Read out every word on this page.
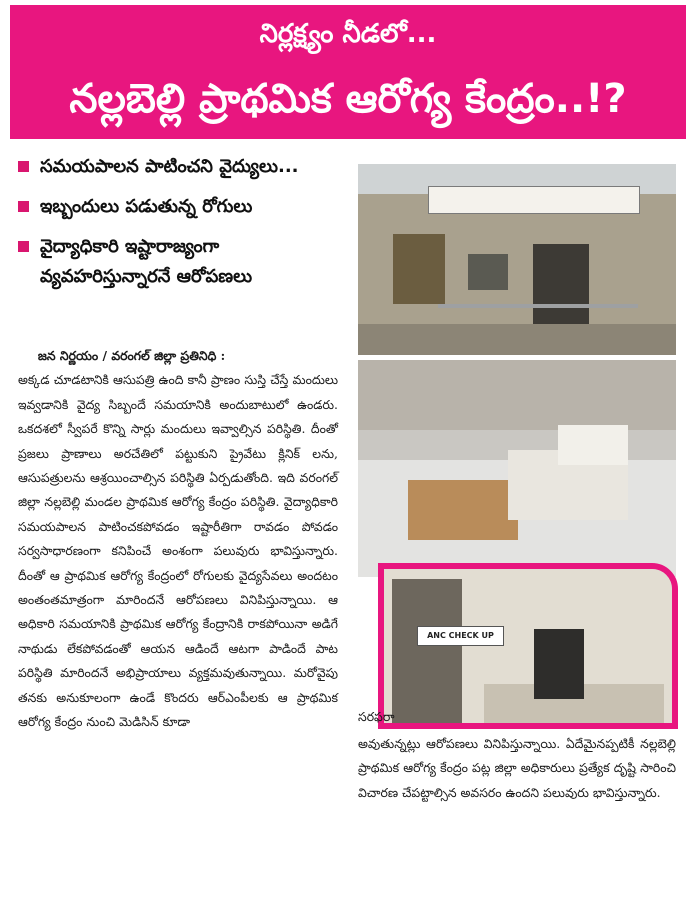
నిర్లక్ష్యం నీడలో...
నల్లబెల్లి ప్రాథమిక ఆరోగ్య కేంద్రం..!?
సమయపాలన పాటించని వైద్యులు...
ఇబ్బందులు పడుతున్న రోగులు
వైద్యాధికారి ఇష్టారాజ్యంగా వ్యవహరిస్తున్నారనే ఆరోపణలు

జన నిర్ణయం / వరంగల్ జిల్లా ప్రతినిధి :

అక్కడ చూడటానికి ఆసుపత్రి ఉంది కానీ ప్రాణం సుస్తి చేస్తే మందులు ఇవ్వడానికి వైద్య సిబ్బందే సమయానికి అందుబాటులో ఉండరు. ఒకదశలో స్వీపరే కొన్ని సార్లు మందులు ఇవ్వాల్సిన పరిస్థితి. దీంతో ప్రజలు ప్రాణాలు అరచేతిలో పట్టుకుని ప్రైవేటు క్లినిక్ లను, ఆసుపత్రులను ఆశ్రయించాల్సిన పరిస్థితి ఏర్పడుతోంది. ఇది వరంగల్ జిల్లా నల్లబెల్లి మండల ప్రాథమిక ఆరోగ్య కేంద్రం పరిస్థితి. వైద్యాధికారి సమయపాలన పాటించకపోవడం ఇష్టారీతిగా రావడం పోవడం సర్వసాధారణంగా కనిపించే అంశంగా పలువురు భావిస్తున్నారు. దీంతో ఆ ప్రాథమిక ఆరోగ్య కేంద్రంలో రోగులకు వైద్యసేవలు అందటం అంతంతమాత్రంగా మారిందనే ఆరోపణలు వినిపిస్తున్నాయి. ఆ అధికారి సమయానికి ప్రాథమిక ఆరోగ్య కేంద్రానికి రాకపోయినా అడిగే నాథుడు లేకపోవడంతో ఆయన ఆడిందే ఆటగా పాడిందే పాట పరిస్థితి మారిందనే అభిప్రాయాలు వ్యక్తమవుతున్నాయి. మరోవైపు తనకు అనుకూలంగా ఉండే కొందరు ఆర్ఎంపీలకు ఆ ప్రాథమిక ఆరోగ్య కేంద్రం నుంచి మెడిసిన్ కూడా

ANC CHECK UP
సరఫరా

అవుతున్నట్లు ఆరోపణలు వినిపిస్తున్నాయి. ఏదేమైనప్పటికీ నల్లబెల్లి ప్రాథమిక ఆరోగ్య కేంద్రం పట్ల జిల్లా అధికారులు ప్రత్యేక దృష్టి సారించి విచారణ చేపట్టాల్సిన అవసరం ఉందని పలువురు భావిస్తున్నారు.
